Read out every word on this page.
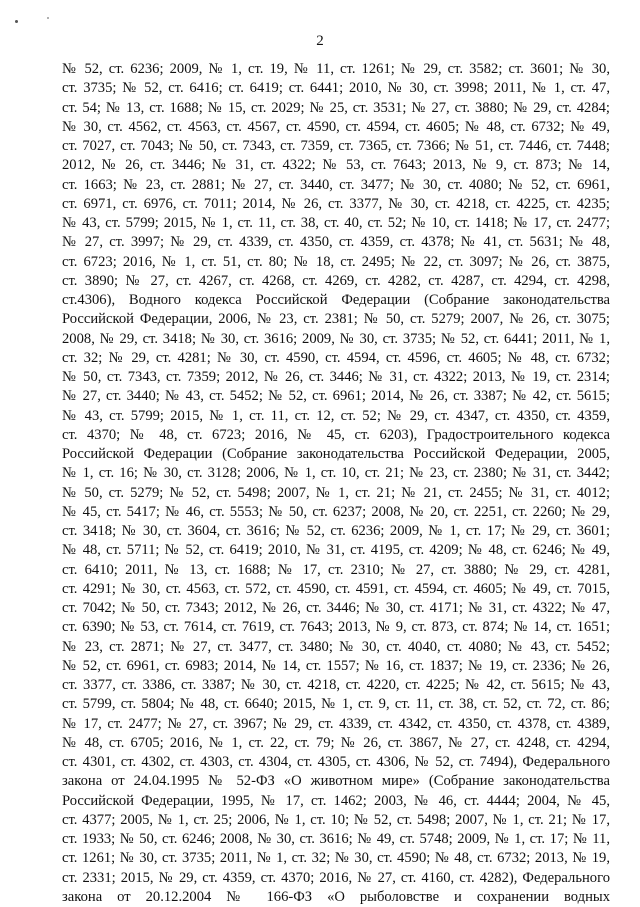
2
№ 52, ст. 6236; 2009, № 1, ст. 19, № 11, ст. 1261; № 29, ст. 3582; ст. 3601; № 30,
ст. 3735; № 52, ст. 6416; ст. 6419; ст. 6441; 2010, № 30, ст. 3998; 2011, № 1, ст. 47,
ст. 54; № 13, ст. 1688; № 15, ст. 2029; № 25, ст. 3531; № 27, ст. 3880; № 29, ст. 4284;
№ 30, ст. 4562, ст. 4563, ст. 4567, ст. 4590, ст. 4594, ст. 4605; № 48, ст. 6732; № 49,
ст. 7027, ст. 7043; № 50, ст. 7343, ст. 7359, ст. 7365, ст. 7366; № 51, ст. 7446, ст. 7448;
2012, № 26, ст. 3446; № 31, ст. 4322; № 53, ст. 7643; 2013, № 9, ст. 873; № 14,
ст. 1663; № 23, ст. 2881; № 27, ст. 3440, ст. 3477; № 30, ст. 4080; № 52, ст. 6961,
ст. 6971, ст. 6976, ст. 7011; 2014, № 26, ст. 3377, № 30, ст. 4218, ст. 4225, ст. 4235;
№ 43, ст. 5799; 2015, № 1, ст. 11, ст. 38, ст. 40, ст. 52; № 10, ст. 1418; № 17, ст. 2477;
№ 27, ст. 3997; № 29, ст. 4339, ст. 4350, ст. 4359, ст. 4378; № 41, ст. 5631; № 48,
ст. 6723; 2016, № 1, ст. 51, ст. 80; № 18, ст. 2495; № 22, ст. 3097; № 26, ст. 3875,
ст. 3890; № 27, ст. 4267, ст. 4268, ст. 4269, ст. 4282, ст. 4287, ст. 4294, ст. 4298,
ст.4306), Водного кодекса Российской Федерации (Собрание законодательства
Российской Федерации, 2006, № 23, ст. 2381; № 50, ст. 5279; 2007, № 26, ст. 3075;
2008, № 29, ст. 3418; № 30, ст. 3616; 2009, № 30, ст. 3735; № 52, ст. 6441; 2011, № 1,
ст. 32; № 29, ст. 4281; № 30, ст. 4590, ст. 4594, ст. 4596, ст. 4605; № 48, ст. 6732;
№ 50, ст. 7343, ст. 7359; 2012, № 26, ст. 3446; № 31, ст. 4322; 2013, № 19, ст. 2314;
№ 27, ст. 3440; № 43, ст. 5452; № 52, ст. 6961; 2014, № 26, ст. 3387; № 42, ст. 5615;
№ 43, ст. 5799; 2015, № 1, ст. 11, ст. 12, ст. 52; № 29, ст. 4347, ст. 4350, ст. 4359,
ст. 4370; № 48, ст. 6723; 2016, № 45, ст. 6203), Градостроительного кодекса
Российской Федерации (Собрание законодательства Российской Федерации, 2005,
№ 1, ст. 16; № 30, ст. 3128; 2006, № 1, ст. 10, ст. 21; № 23, ст. 2380; № 31, ст. 3442;
№ 50, ст. 5279; № 52, ст. 5498; 2007, № 1, ст. 21; № 21, ст. 2455; № 31, ст. 4012;
№ 45, ст. 5417; № 46, ст. 5553; № 50, ст. 6237; 2008, № 20, ст. 2251, ст. 2260; № 29,
ст. 3418; № 30, ст. 3604, ст. 3616; № 52, ст. 6236; 2009, № 1, ст. 17; № 29, ст. 3601;
№ 48, ст. 5711; № 52, ст. 6419; 2010, № 31, ст. 4195, ст. 4209; № 48, ст. 6246; № 49,
ст. 6410; 2011, № 13, ст. 1688; № 17, ст. 2310; № 27, ст. 3880; № 29, ст. 4281,
ст. 4291; № 30, ст. 4563, ст. 572, ст. 4590, ст. 4591, ст. 4594, ст. 4605; № 49, ст. 7015,
ст. 7042; № 50, ст. 7343; 2012, № 26, ст. 3446; № 30, ст. 4171; № 31, ст. 4322; № 47,
ст. 6390; № 53, ст. 7614, ст. 7619, ст. 7643; 2013, № 9, ст. 873, ст. 874; № 14, ст. 1651;
№ 23, ст. 2871; № 27, ст. 3477, ст. 3480; № 30, ст. 4040, ст. 4080; № 43, ст. 5452;
№ 52, ст. 6961, ст. 6983; 2014, № 14, ст. 1557; № 16, ст. 1837; № 19, ст. 2336; № 26,
ст. 3377, ст. 3386, ст. 3387; № 30, ст. 4218, ст. 4220, ст. 4225; № 42, ст. 5615; № 43,
ст. 5799, ст. 5804; № 48, ст. 6640; 2015, № 1, ст. 9, ст. 11, ст. 38, ст. 52, ст. 72, ст. 86;
№ 17, ст. 2477; № 27, ст. 3967; № 29, ст. 4339, ст. 4342, ст. 4350, ст. 4378, ст. 4389,
№ 48, ст. 6705; 2016, № 1, ст. 22, ст. 79; № 26, ст. 3867, № 27, ст. 4248, ст. 4294,
ст. 4301, ст. 4302, ст. 4303, ст. 4304, ст. 4305, ст. 4306, № 52, ст. 7494), Федерального
закона от 24.04.1995 № 52-ФЗ «О животном мире» (Собрание законодательства
Российской Федерации, 1995, № 17, ст. 1462; 2003, № 46, ст. 4444; 2004, № 45,
ст. 4377; 2005, № 1, ст. 25; 2006, № 1, ст. 10; № 52, ст. 5498; 2007, № 1, ст. 21; № 17,
ст. 1933; № 50, ст. 6246; 2008, № 30, ст. 3616; № 49, ст. 5748; 2009, № 1, ст. 17; № 11,
ст. 1261; № 30, ст. 3735; 2011, № 1, ст. 32; № 30, ст. 4590; № 48, ст. 6732; 2013, № 19,
ст. 2331; 2015, № 29, ст. 4359, ст. 4370; 2016, № 27, ст. 4160, ст. 4282), Федерального
закона от 20.12.2004 № 166-ФЗ «О рыболовстве и сохранении водных
